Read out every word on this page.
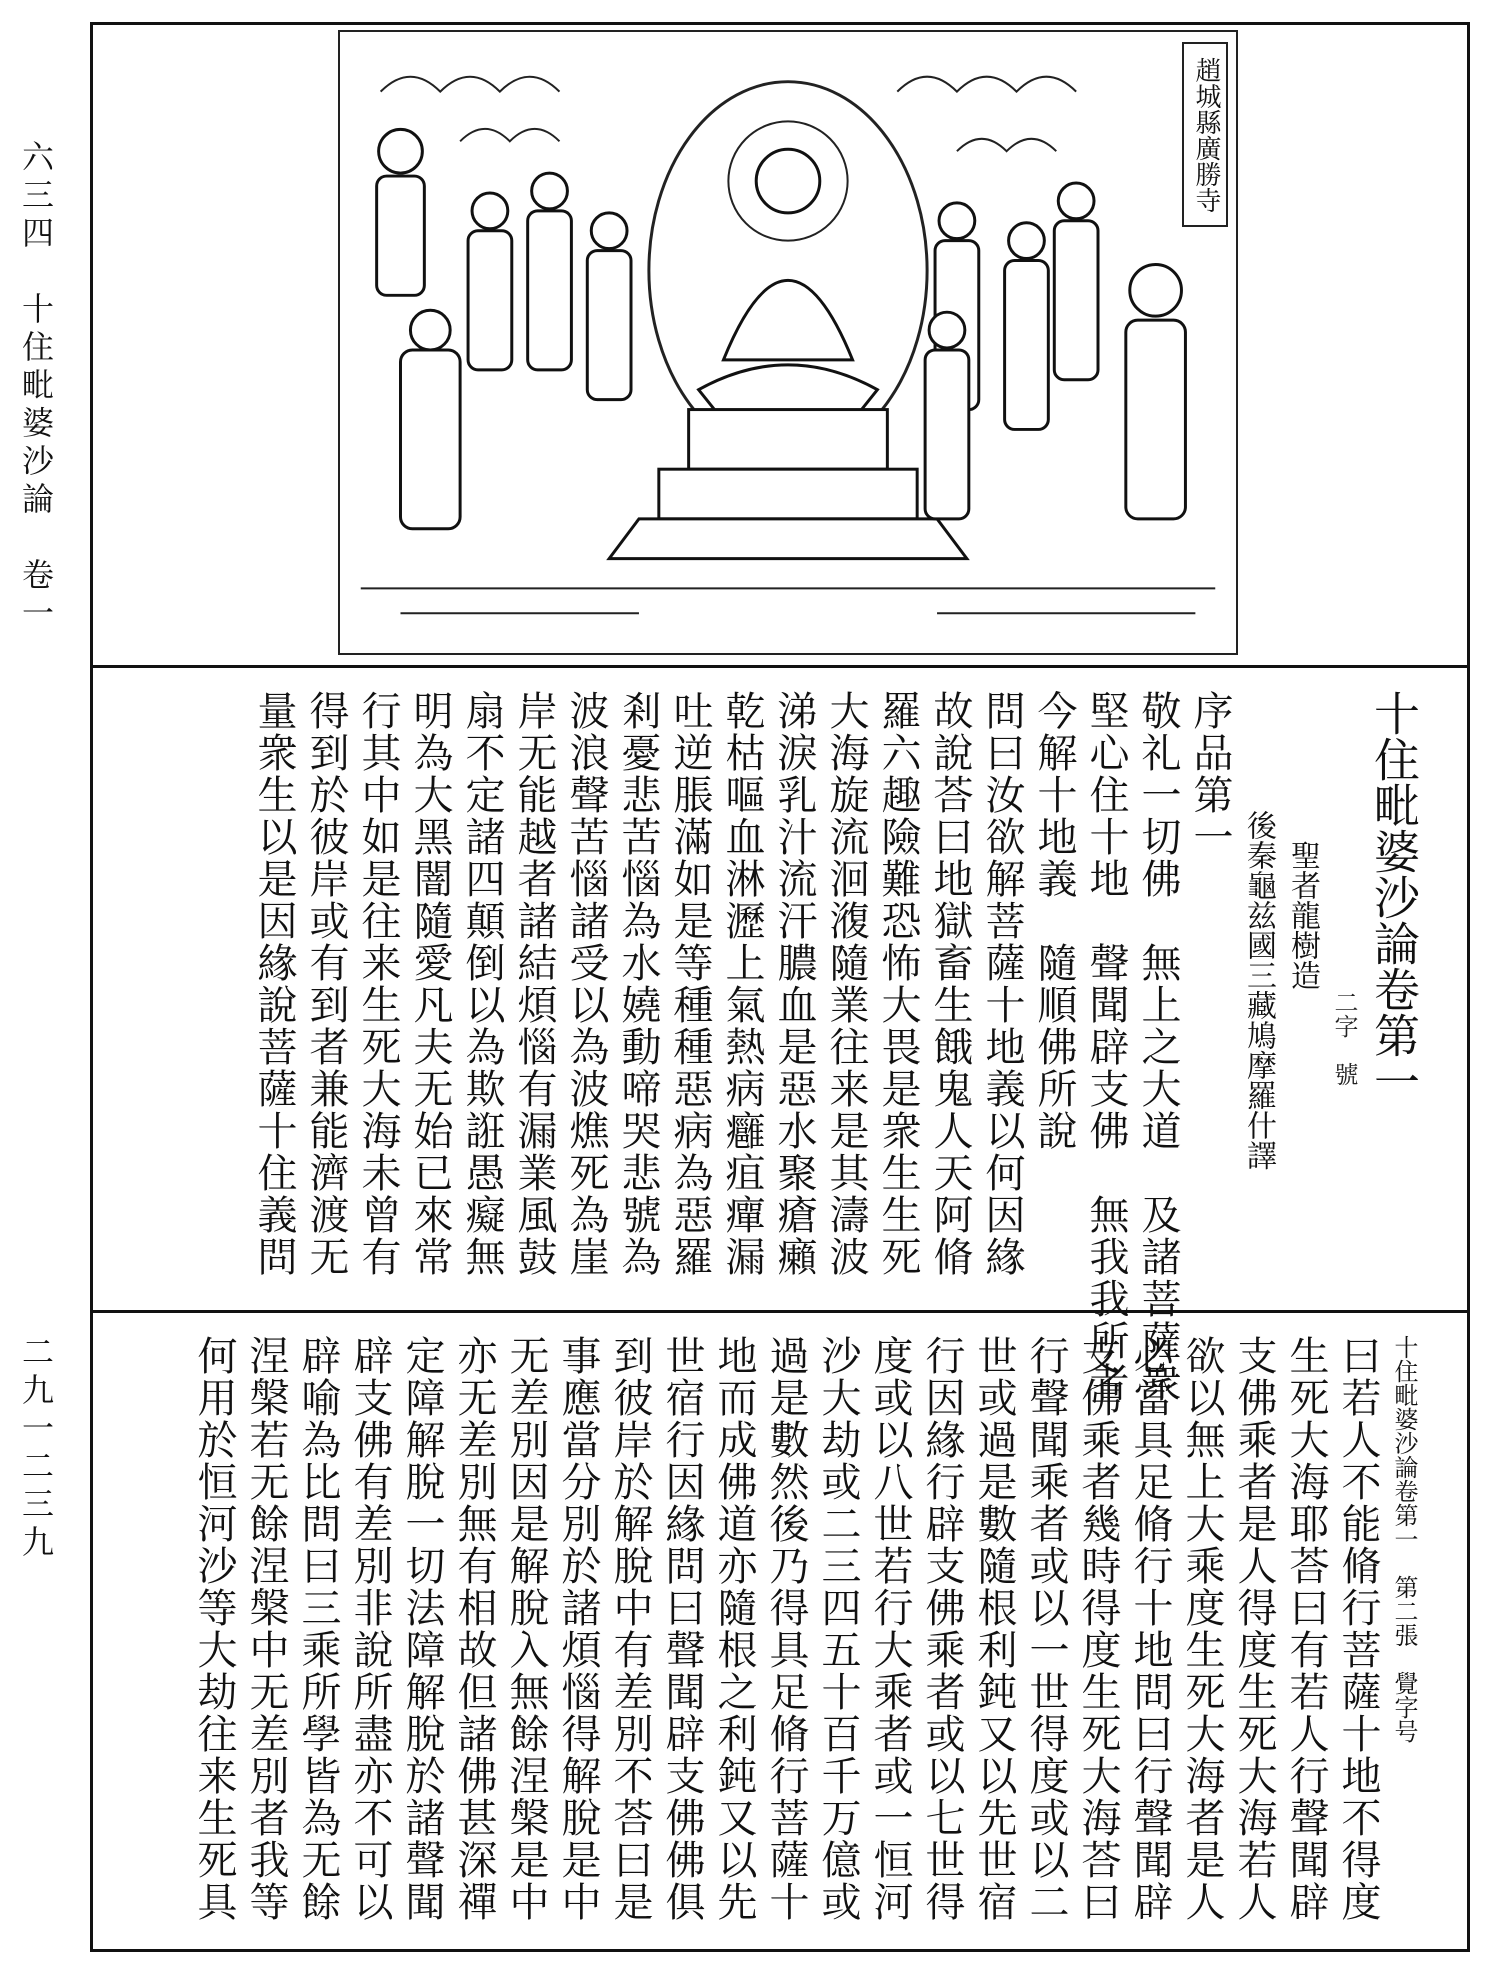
六三四　十住毗婆沙論　卷一
二九一二三九
趙城縣廣勝寺
十住毗婆沙論卷第一
二字　號
聖者龍樹造
後秦龜兹國三藏鳩摩羅什譯
序品第一
敬礼一切佛　無上之大道　及諸菩薩衆
堅心住十地　聲聞辟支佛　無我我所者
今解十地義　隨順佛所說
問曰汝欲解菩薩十地義以何因緣
故說荅曰地獄畜生餓鬼人天阿脩
羅六趣險難恐怖大畏是衆生生死
大海旋流洄澓隨業往来是其濤波
涕淚乳汁流汗膿血是惡水聚瘡癩
乾枯嘔血淋瀝上氣熱病癰疽癉漏
吐逆脹滿如是等種種惡病為惡羅
剎憂悲苦惱為水嬈動啼哭悲號為
波浪聲苦惱諸受以為波燋死為崖
岸无能越者諸結煩惱有漏業風鼓
扇不定諸四顛倒以為欺誑愚癡無
明為大黑闇隨愛凡夫无始已來常
行其中如是往来生死大海未曾有
得到於彼岸或有到者兼能濟渡无
量衆生以是因緣說菩薩十住義問
十住毗婆沙論卷第一　第二張　覺字号
曰若人不能脩行菩薩十地不得度
生死大海耶荅曰有若人行聲聞辟
支佛乘者是人得度生死大海若人
欲以無上大乘度生死大海者是人
必當具足脩行十地問曰行聲聞辟
支佛乘者幾時得度生死大海荅曰
行聲聞乘者或以一世得度或以二
世或過是數隨根利鈍又以先世宿
行因緣行辟支佛乘者或以七世得
度或以八世若行大乘者或一恒河
沙大劫或二三四五十百千万億或
過是數然後乃得具足脩行菩薩十
地而成佛道亦隨根之利鈍又以先
世宿行因緣問曰聲聞辟支佛佛俱
到彼岸於解脫中有差別不荅曰是
事應當分別於諸煩惱得解脫是中
无差別因是解脫入無餘涅槃是中
亦无差別無有相故但諸佛甚深禪
定障解脫一切法障解脫於諸聲聞
辟支佛有差別非說所盡亦不可以
辟喻為比問曰三乘所學皆為无餘
涅槃若无餘涅槃中无差別者我等
何用於恒河沙等大劫往来生死具
